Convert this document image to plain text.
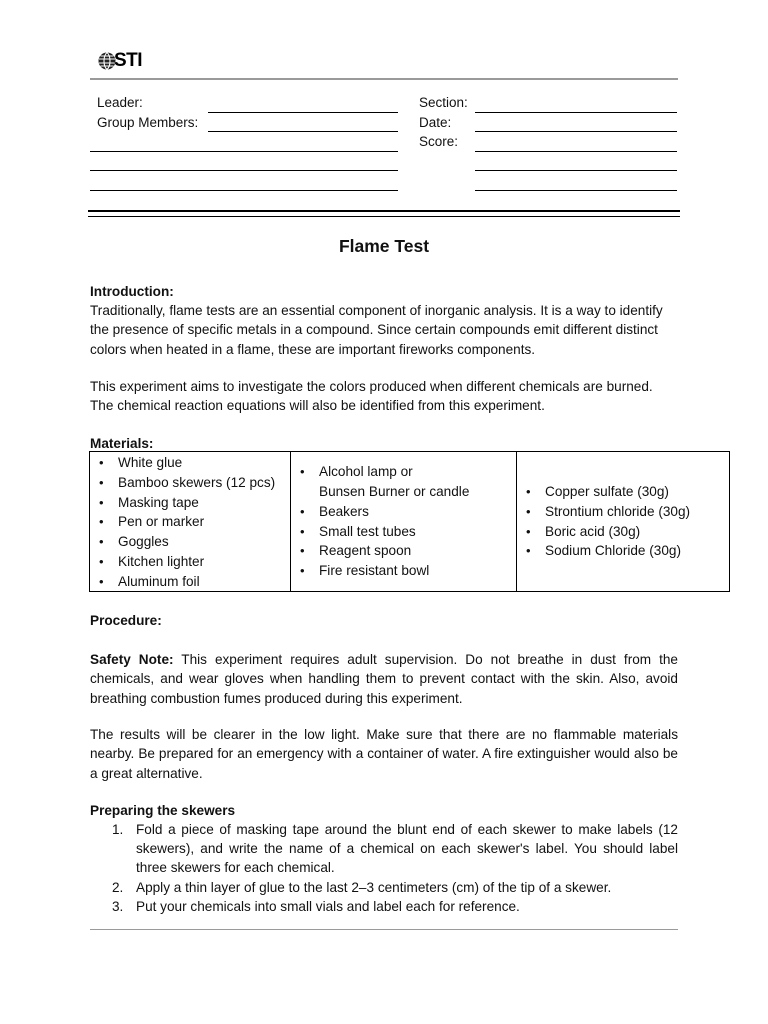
STI
Leader:
Group Members:
Section:
Date:
Score:
Flame Test
Introduction:
Traditionally, flame tests are an essential component of inorganic analysis. It is a way to identify the presence of specific metals in a compound. Since certain compounds emit different distinct colors when heated in a flame, these are important fireworks components.
This experiment aims to investigate the colors produced when different chemicals are burned. The chemical reaction equations will also be identified from this experiment.
Materials:
• White glue
• Bamboo skewers (12 pcs)
• Masking tape
• Pen or marker
• Goggles
• Kitchen lighter
• Aluminum foil
• Alcohol lamp or
Bunsen Burner or candle
• Beakers
• Small test tubes
• Reagent spoon
• Fire resistant bowl
• Copper sulfate (30g)
• Strontium chloride (30g)
• Boric acid (30g)
• Sodium Chloride (30g)
Procedure:
Safety Note: This experiment requires adult supervision. Do not breathe in dust from the chemicals, and wear gloves when handling them to prevent contact with the skin. Also, avoid breathing combustion fumes produced during this experiment.
The results will be clearer in the low light. Make sure that there are no flammable materials nearby. Be prepared for an emergency with a container of water. A fire extinguisher would also be a great alternative.
Preparing the skewers
1. Fold a piece of masking tape around the blunt end of each skewer to make labels (12 skewers), and write the name of a chemical on each skewer's label. You should label three skewers for each chemical.
2. Apply a thin layer of glue to the last 2–3 centimeters (cm) of the tip of a skewer.
3. Put your chemicals into small vials and label each for reference.
